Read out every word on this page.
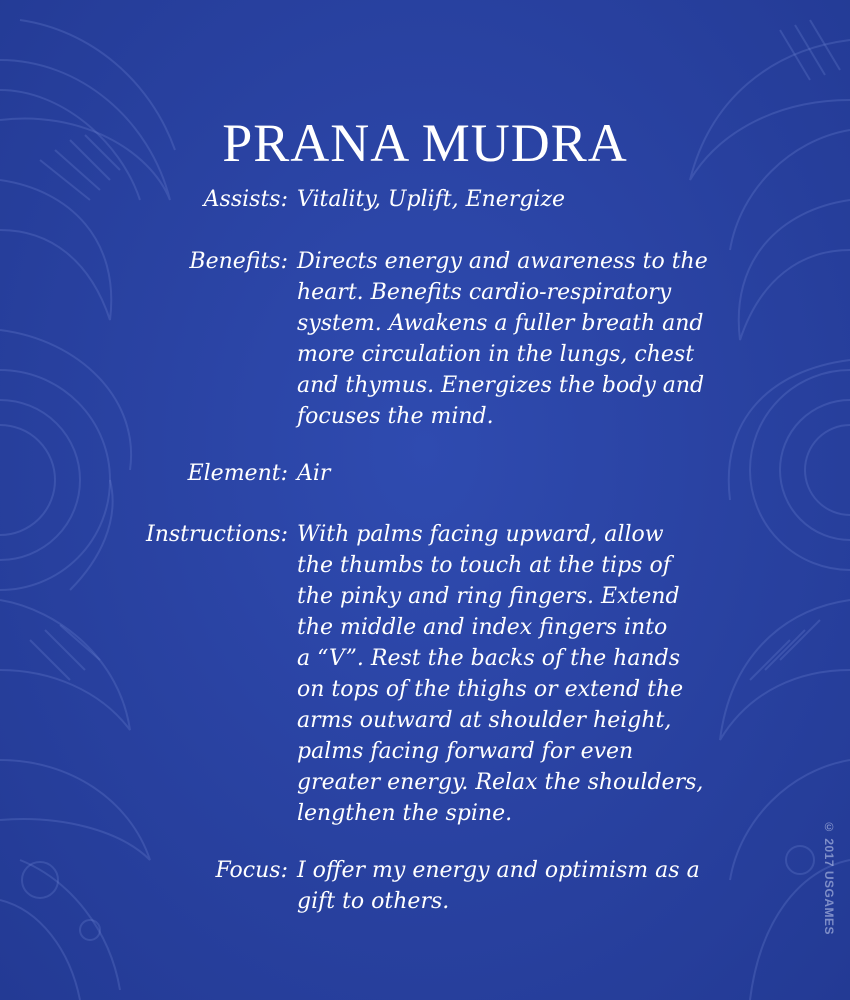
PRANA MUDRA
Assists: Vitality, Uplift, Energize
Benefits: Directs energy and awareness to the
heart. Benefits cardio-respiratory
system. Awakens a fuller breath and
more circulation in the lungs, chest
and thymus. Energizes the body and
focuses the mind.
Element: Air
Instructions: With palms facing upward, allow
the thumbs to touch at the tips of
the pinky and ring fingers. Extend
the middle and index fingers into
a “V”. Rest the backs of the hands
on tops of the thighs or extend the
arms outward at shoulder height,
palms facing forward for even
greater energy. Relax the shoulders,
lengthen the spine.
Focus: I offer my energy and optimism as a
gift to others.	© 2017 USGAMES
